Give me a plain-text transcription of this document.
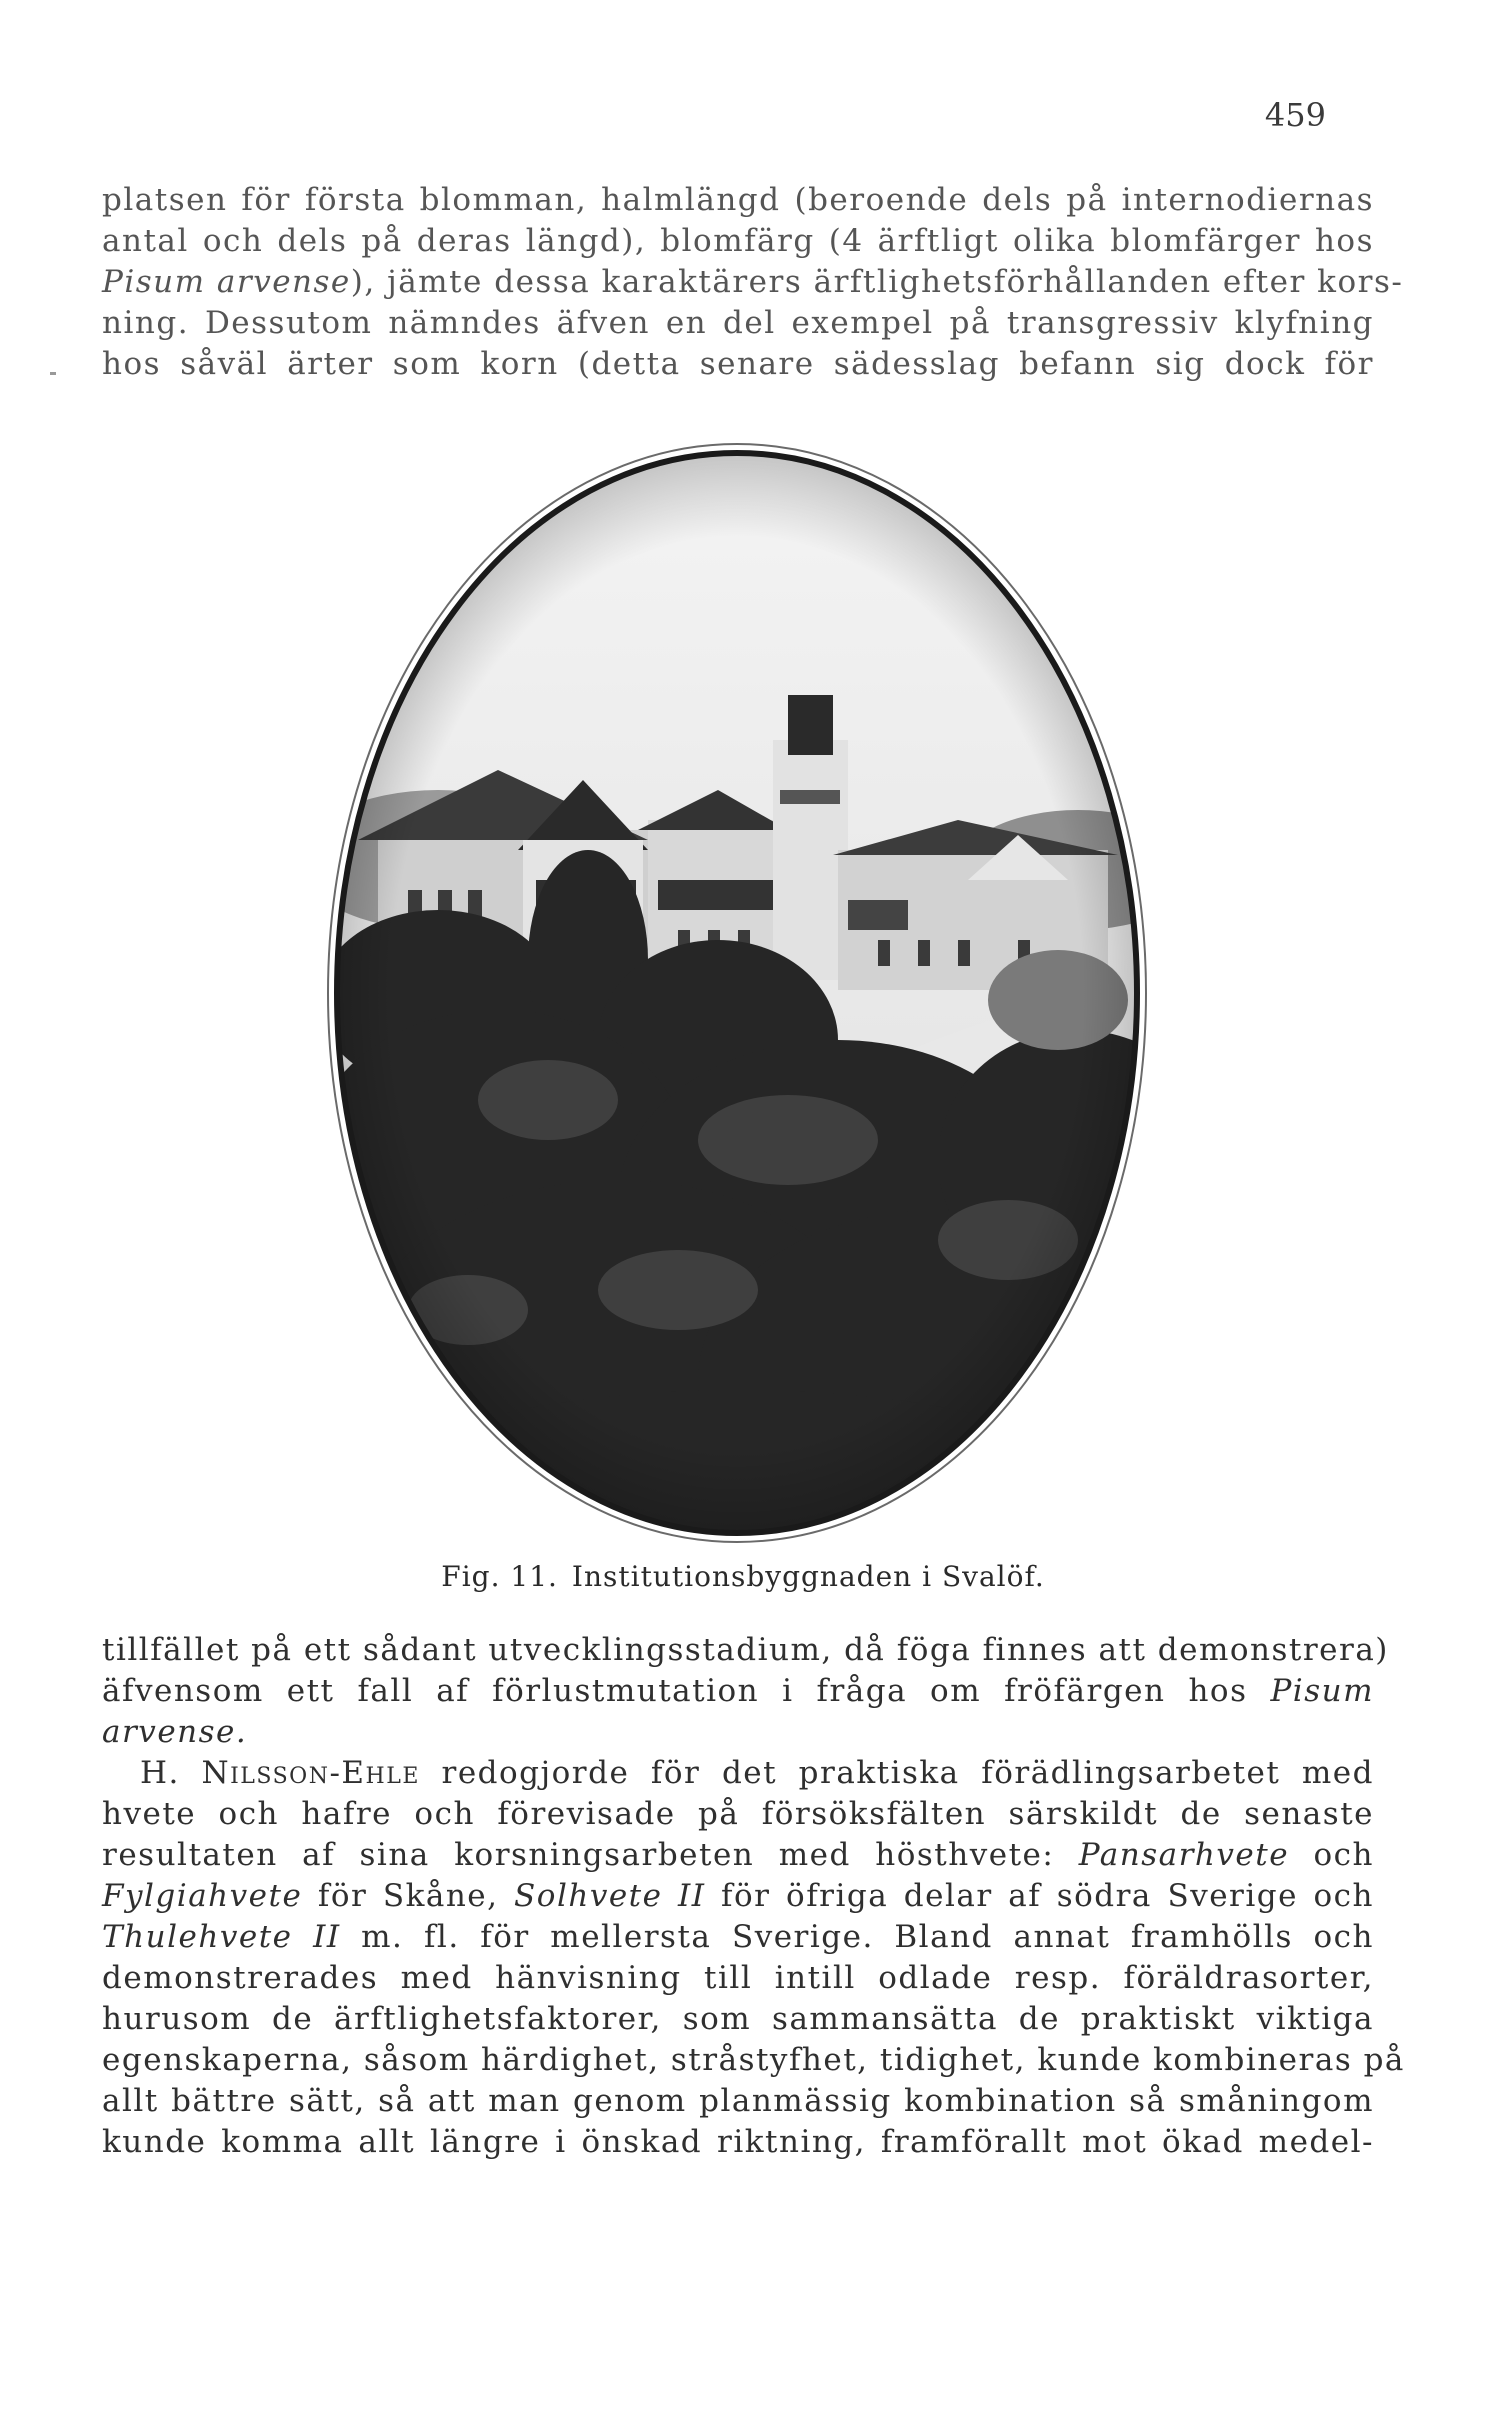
459
platsen för första blomman, halmlängd (beroende dels på internodiernas
antal och dels på deras längd), blomfärg (4 ärftligt olika blomfärger hos
Pisum arvense), jämte dessa karaktärers ärftlighetsförhållanden efter kors-
ning. Dessutom nämndes äfven en del exempel på transgressiv klyfning
hos såväl ärter som korn (detta senare sädesslag befann sig dock för
Fig. 11. Institutionsbyggnaden i Svalöf.
tillfället på ett sådant utvecklingsstadium, då föga finnes att demonstrera)
äfvensom ett fall af förlustmutation i fråga om fröfärgen hos Pisum
arvense.
H. Nilsson-Ehle redogjorde för det praktiska förädlingsarbetet med
hvete och hafre och förevisade på försöksfälten särskildt de senaste
resultaten af sina korsningsarbeten med hösthvete: Pansarhvete och
Fylgiahvete för Skåne, Solhvete II för öfriga delar af södra Sverige och
Thulehvete II m. fl. för mellersta Sverige. Bland annat framhölls och
demonstrerades med hänvisning till intill odlade resp. föräldrasorter,
hurusom de ärftlighetsfaktorer, som sammansätta de praktiskt viktiga
egenskaperna, såsom härdighet, stråstyfhet, tidighet, kunde kombineras på
allt bättre sätt, så att man genom planmässig kombination så småningom
kunde komma allt längre i önskad riktning, framförallt mot ökad medel-
